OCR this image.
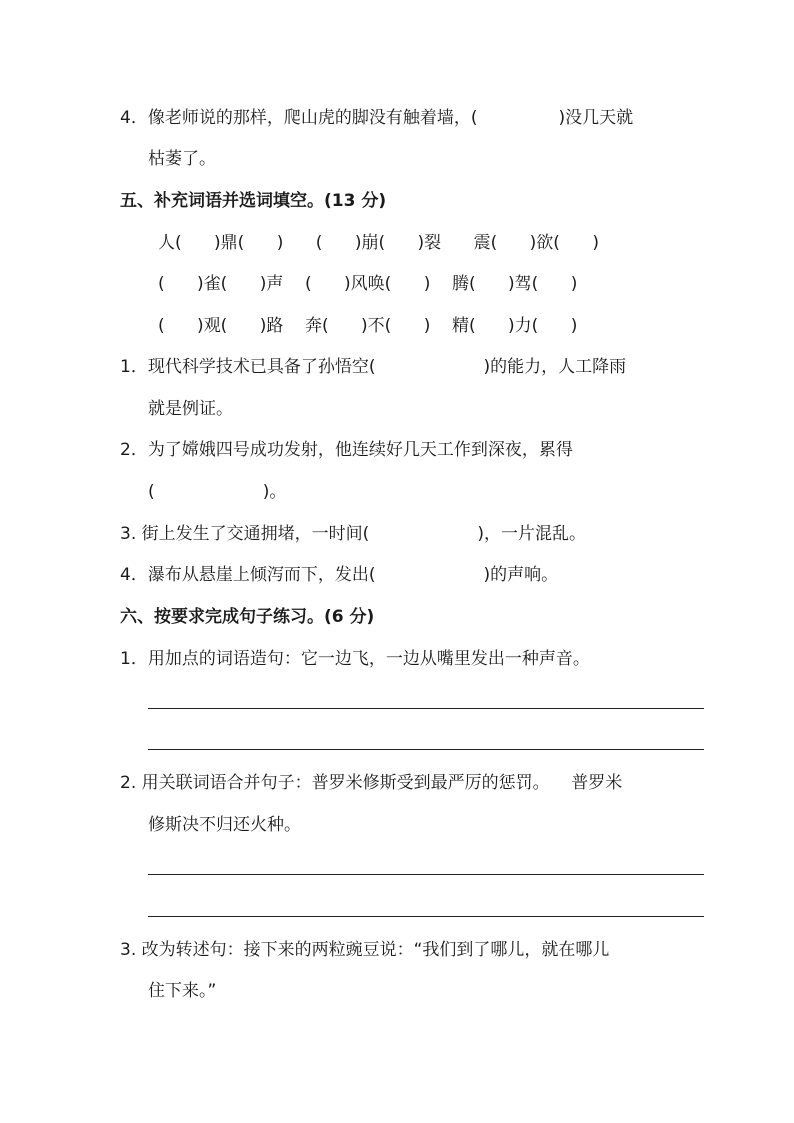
4．像老师说的那样，爬山虎的脚没有触着墙，(               )没几天就
枯萎了。
五、补充词语并选词填空。(13 分)
人(      )鼎(      )      (      )崩(      )裂      震(      )欲(      )
(      )雀(      )声    (      )风唤(      )    腾(      )驾(      )
(      )观(      )路    奔(      )不(      )    精(      )力(      )
1．现代科学技术已具备了孙悟空(                    )的能力，人工降雨
就是例证。
2．为了嫦娥四号成功发射，他连续好几天工作到深夜，累得
(                    )。
3. 街上发生了交通拥堵，一时间(                    )，一片混乱。
4．瀑布从悬崖上倾泻而下，发出(                    )的声响。
六、按要求完成句子练习。(6 分)
1．用加点的词语造句：它一边飞，一边从嘴里发出一种声音。
2. 用关联词语合并句子：普罗米修斯受到最严厉的惩罚。    普罗米
修斯决不归还火种。
3. 改为转述句：接下来的两粒豌豆说：“我们到了哪儿，就在哪儿
住下来。”
